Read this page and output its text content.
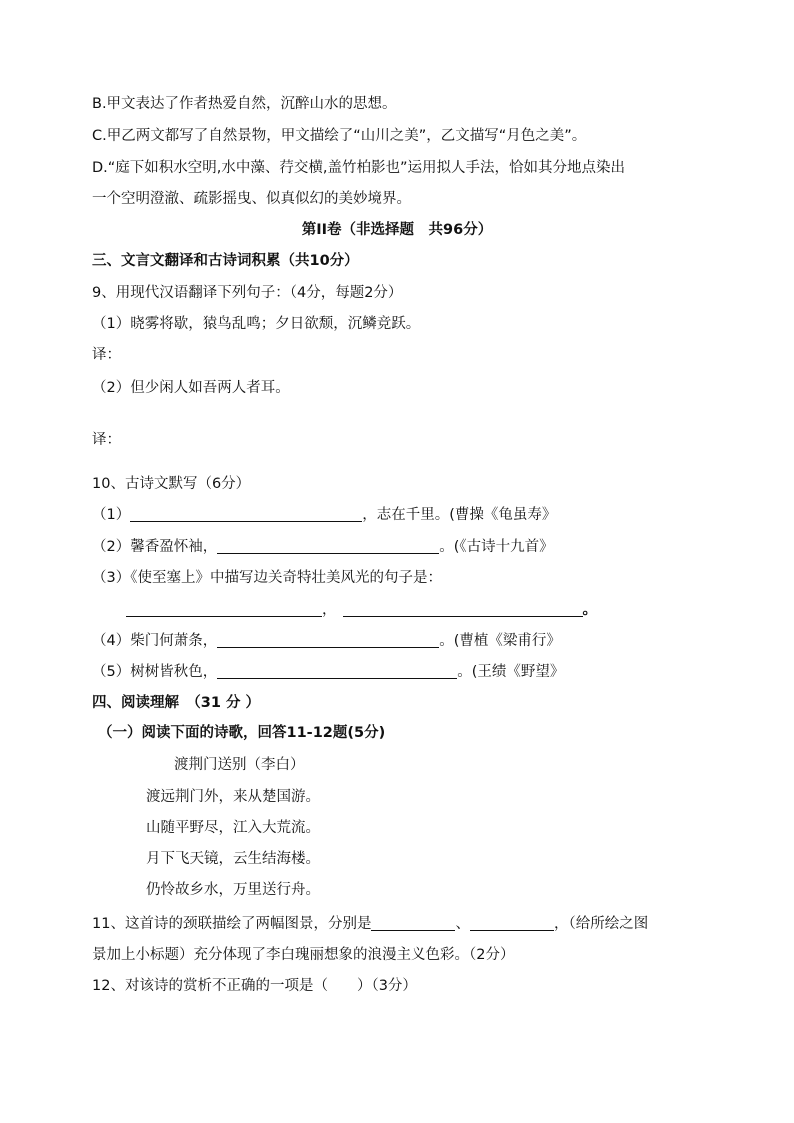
B.甲文表达了作者热爱自然，沉醉山水的思想。
C.甲乙两文都写了自然景物，甲文描绘了“山川之美”，乙文描写“月色之美”。
D.“庭下如积水空明,水中藻、荇交横,盖竹柏影也”运用拟人手法，恰如其分地点染出
一个空明澄澈、疏影摇曳、似真似幻的美妙境界。
第II卷（非选择题　共96分）
三、文言文翻译和古诗词积累（共10分）
9、用现代汉语翻译下列句子：（4分，每题2分）
（1）晓雾将歇，猿鸟乱鸣；夕日欲颓，沉鳞竞跃。
译：
（2）但少闲人如吾两人者耳。
译：
10、古诗文默写（6分）
（1）	，志在千里。(曹操《龟虽寿》
（2）馨香盈怀袖，	。(《古诗十九首》
（3）《使至塞上》中描写边关奇特壮美风光的句子是：
，	。
（4）柴门何萧条，	。(曹植《梁甫行》
（5）树树皆秋色，	。(王绩《野望》
四、阅读理解　（31 分 ）
（一）阅读下面的诗歌，回答11-12题(5分)
渡荆门送别（李白）
渡远荆门外，来从楚国游。
山随平野尽，江入大荒流。
月下飞天镜，云生结海楼。
仍怜故乡水，万里送行舟。
11、这首诗的颈联描绘了两幅图景，分别是	、	，（给所绘之图
景加上小标题）充分体现了李白瑰丽想象的浪漫主义色彩。（2分）
12、对该诗的赏析不正确的一项是（　　）（3分）
